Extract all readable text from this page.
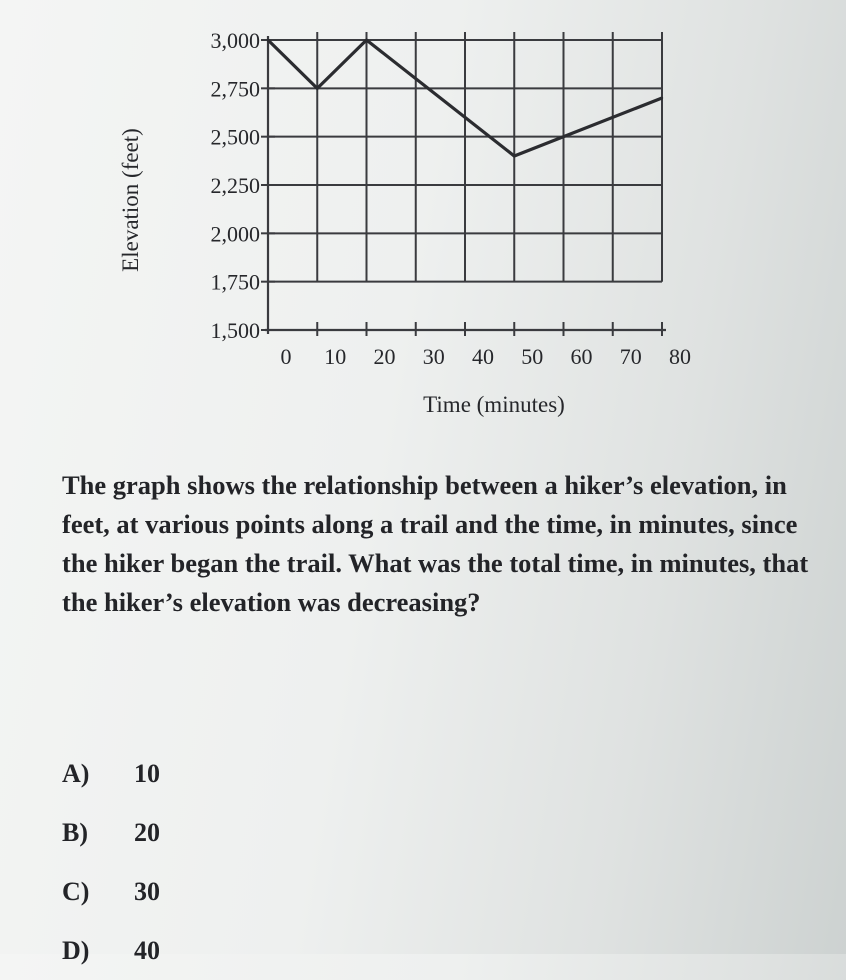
1,500
1,750
2,000
2,250
2,500
2,750
3,000
0 10 20 30 40 50 60 70 80
Time (minutes)
Elevation (feet)

The graph shows the relationship between a hiker’s elevation, in feet, at various points along a trail and the time, in minutes, since the hiker began the trail. What was the total time, in minutes, that the hiker’s elevation was decreasing?

A)	10
B)	20
C)	30
D)	40
